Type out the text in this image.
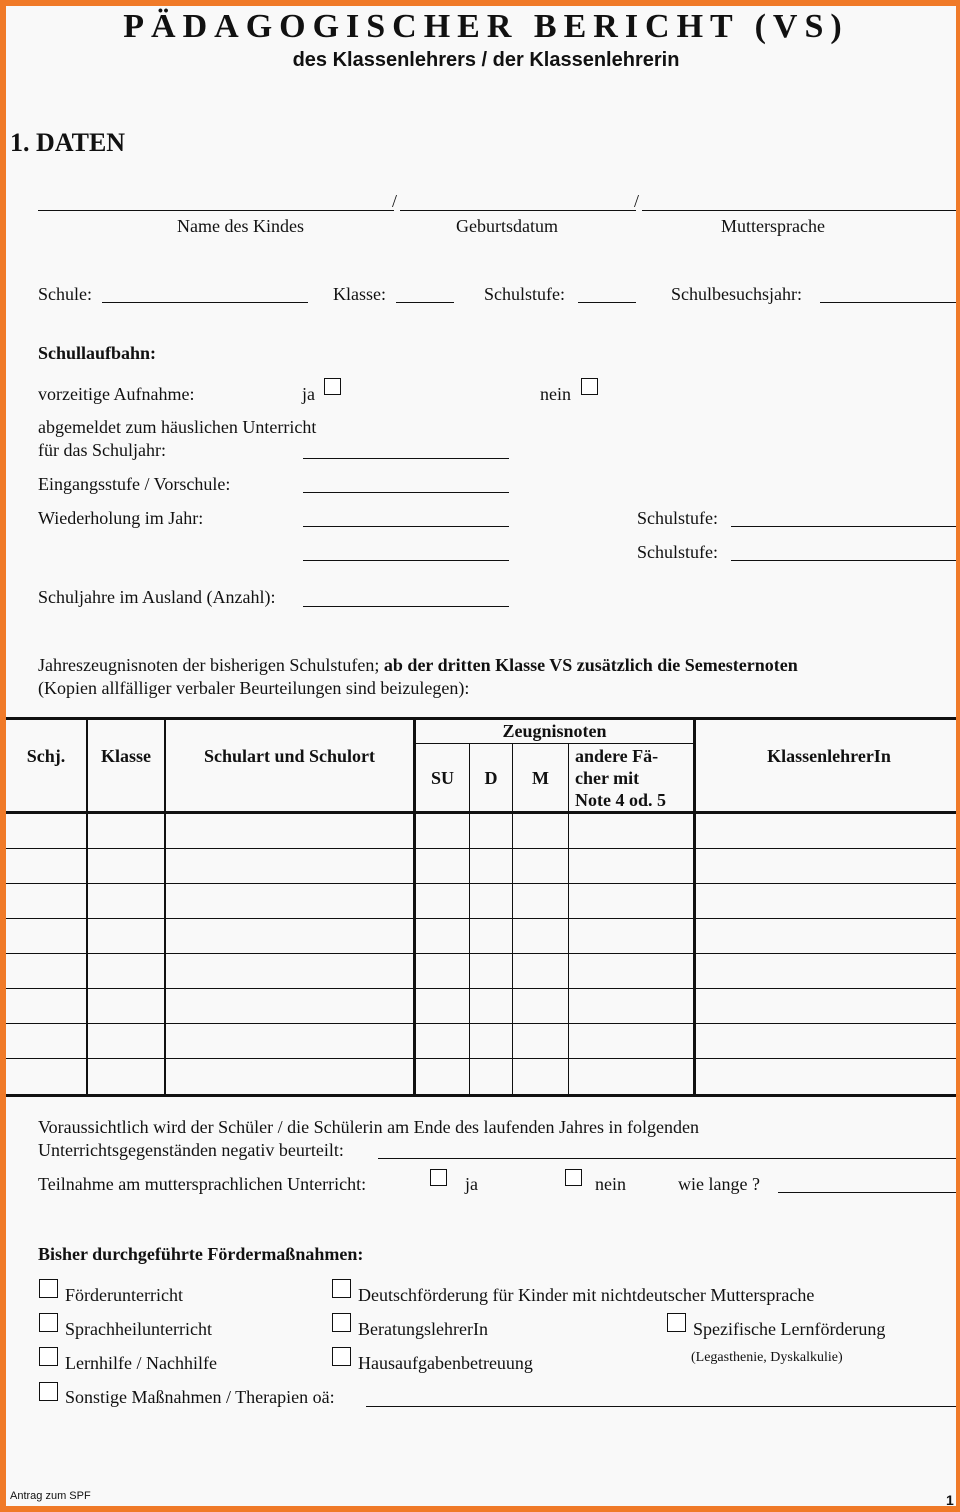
PÄDAGOGISCHER BERICHT (VS)
des Klassenlehrers / der Klassenlehrerin
1. DATEN
/	/
Name des Kindes	Geburtsdatum	Muttersprache
Schule:	Klasse:	Schulstufe:	Schulbesuchsjahr:
Schullaufbahn:
vorzeitige Aufnahme:	ja	nein
abgemeldet zum häuslichen Unterricht
für das Schuljahr:
Eingangsstufe / Vorschule:
Wiederholung im Jahr:	Schulstufe:
Schulstufe:
Schuljahre im Ausland (Anzahl):
Jahreszeugnisnoten der bisherigen Schulstufen; ab der dritten Klasse VS zusätzlich die Semesternoten
(Kopien allfälliger verbaler Beurteilungen sind beizulegen):
Schj.	Klasse	Schulart und Schulort
Zeugnisnoten
SU	D	M
andere Fä-
cher mit
Note 4 od. 5
KlassenlehrerIn
Voraussichtlich wird der Schüler / die Schülerin am Ende des laufenden Jahres in folgenden
Unterrichtsgegenständen negativ beurteilt:
Teilnahme am muttersprachlichen Unterricht:	ja	nein	wie lange ?
Bisher durchgeführte Fördermaßnahmen:
Förderunterricht	Deutschförderung für Kinder mit nichtdeutscher Muttersprache
Sprachheilunterricht	BeratungslehrerIn	Spezifische Lernförderung
Lernhilfe / Nachhilfe	Hausaufgabenbetreuung	(Legasthenie, Dyskalkulie)
Sonstige Maßnahmen / Therapien oä:
Antrag zum SPF	1
